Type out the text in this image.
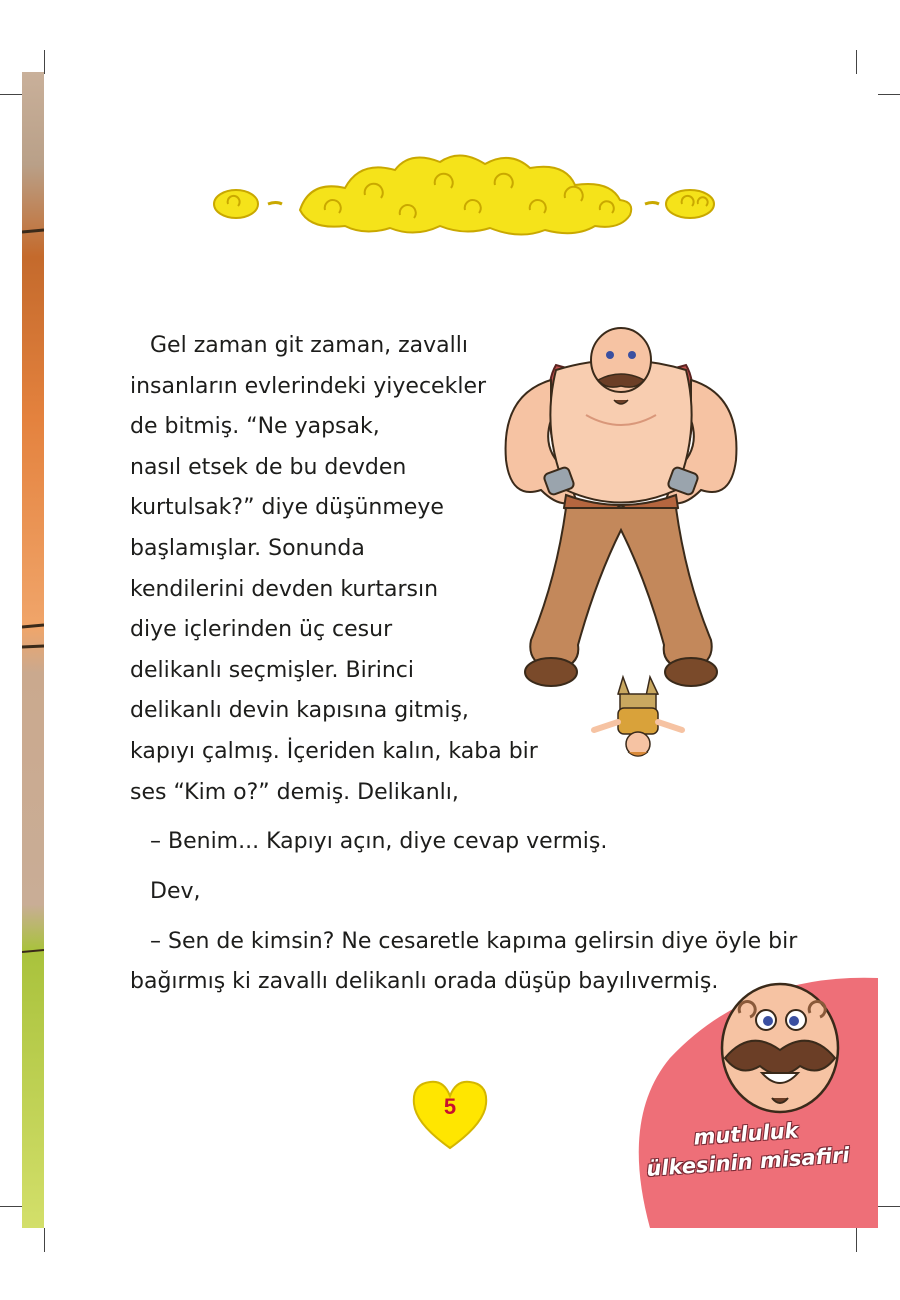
Gel zaman git zaman, zavallı

insanların evlerindeki yiyecekler

de bitmiş. “Ne yapsak,

nasıl etsek de bu devden

kurtulsak?” diye düşünmeye

başlamışlar. Sonunda

kendilerini devden kurtarsın

diye içlerinden üç cesur

delikanlı seçmişler. Birinci

delikanlı devin kapısına gitmiş,

kapıyı çalmış. İçeriden kalın, kaba bir

ses “Kim o?” demiş. Delikanlı,

– Benim... Kapıyı açın, diye cevap vermiş.

Dev,

– Sen de kimsin? Ne cesaretle kapıma gelirsin diye öyle bir

bağırmış ki zavallı delikanlı orada düşüp bayılıvermiş.

5
mutluluk
ülkesinin misafiri
